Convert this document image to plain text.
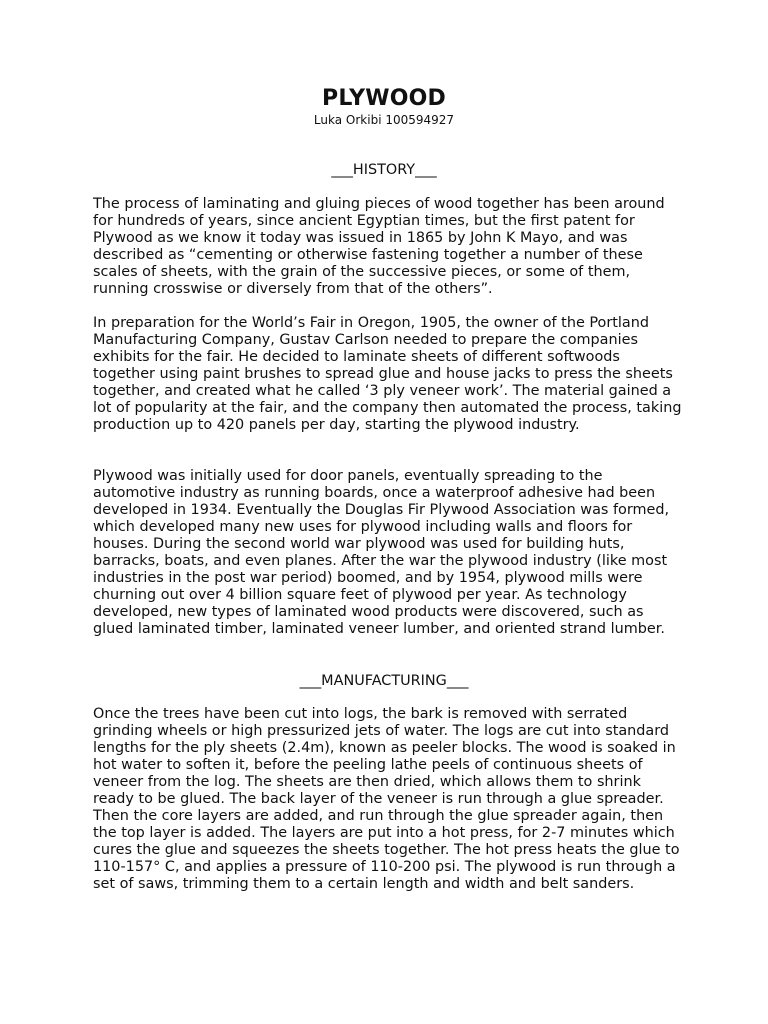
PLYWOOD

Luka Orkibi 100594927

___HISTORY___

The process of laminating and gluing pieces of wood together has been around for hundreds of years, since ancient Egyptian times, but the first patent for Plywood as we know it today was issued in 1865 by John K Mayo, and was described as “cementing or otherwise fastening together a number of these scales of sheets, with the grain of the successive pieces, or some of them, running crosswise or diversely from that of the others”.

In preparation for the World’s Fair in Oregon, 1905, the owner of the Portland Manufacturing Company, Gustav Carlson needed to prepare the companies exhibits for the fair. He decided to laminate sheets of different softwoods together using paint brushes to spread glue and house jacks to press the sheets together, and created what he called ‘3 ply veneer work’. The material gained a lot of popularity at the fair, and the company then automated the process, taking production up to 420 panels per day, starting the plywood industry.

Plywood was initially used for door panels, eventually spreading to the automotive industry as running boards, once a waterproof adhesive had been developed in 1934. Eventually the Douglas Fir Plywood Association was formed, which developed many new uses for plywood including walls and floors for houses. During the second world war plywood was used for building huts, barracks, boats, and even planes. After the war the plywood industry (like most industries in the post war period) boomed, and by 1954, plywood mills were churning out over 4 billion square feet of plywood per year. As technology developed, new types of laminated wood products were discovered, such as glued laminated timber, laminated veneer lumber, and oriented strand lumber.

___MANUFACTURING___

Once the trees have been cut into logs, the bark is removed with serrated grinding wheels or high pressurized jets of water. The logs are cut into standard lengths for the ply sheets (2.4m), known as peeler blocks. The wood is soaked in hot water to soften it, before the peeling lathe peels of continuous sheets of veneer from the log. The sheets are then dried, which allows them to shrink ready to be glued. The back layer of the veneer is run through a glue spreader. Then the core layers are added, and run through the glue spreader again, then the top layer is added. The layers are put into a hot press, for 2-7 minutes which cures the glue and squeezes the sheets together. The hot press heats the glue to 110-157° C, and applies a pressure of 110-200 psi. The plywood is run through a set of saws, trimming them to a certain length and width and belt sanders.
